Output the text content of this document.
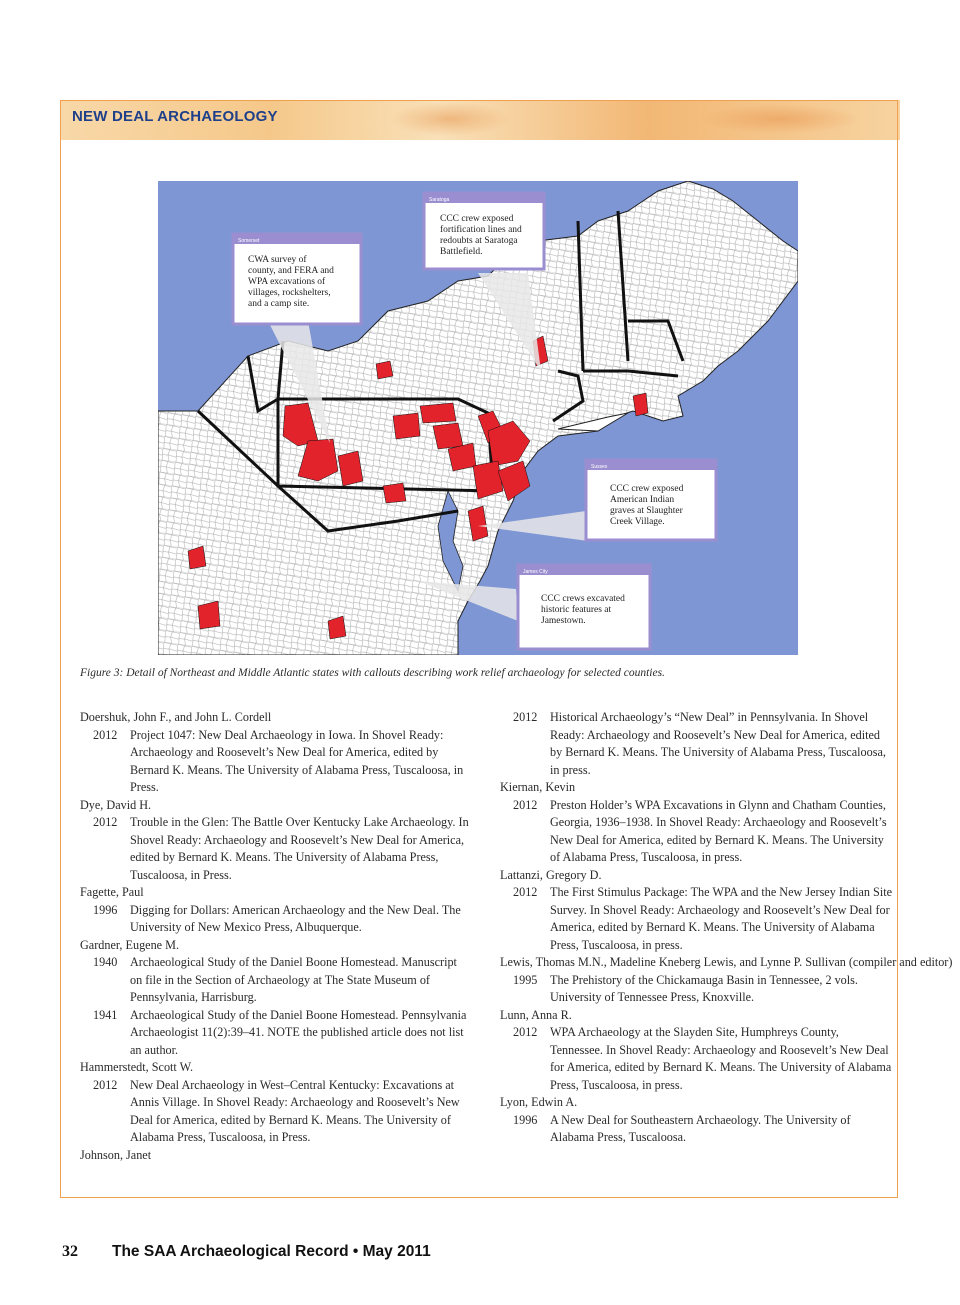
NEW DEAL ARCHAEOLOGY
Somerset
CWA survey of
county, and FERA and
WPA excavations of
villages, rockshelters,
and a camp site.
Saratoga
CCC crew exposed
fortification lines and
redoubts at Saratoga
Battlefield.
Sussex
CCC crew exposed
American Indian
graves at Slaughter
Creek Village.
James City
CCC crews excavated
historic features at
Jamestown.
Figure 3: Detail of Northeast and Middle Atlantic states with callouts describing work relief archaeology for selected counties.
Doershuk, John F., and John L. Cordell
2012 Project 1047: New Deal Archaeology in Iowa. In Shovel Ready: Archaeology and Roosevelt’s New Deal for America, edited by Bernard K. Means. The University of Alabama Press, Tuscaloosa, in Press.
Dye, David H.
2012 Trouble in the Glen: The Battle Over Kentucky Lake Archaeology. In Shovel Ready: Archaeology and Roosevelt’s New Deal for America, edited by Bernard K. Means. The University of Alabama Press, Tuscaloosa, in Press.
Fagette, Paul
1996 Digging for Dollars: American Archaeology and the New Deal. The University of New Mexico Press, Albuquerque.
Gardner, Eugene M.
1940 Archaeological Study of the Daniel Boone Homestead. Manuscript on file in the Section of Archaeology at The State Museum of Pennsylvania, Harrisburg.
1941 Archaeological Study of the Daniel Boone Homestead. Pennsylvania Archaeologist 11(2):39–41. NOTE the published article does not list an author.
Hammerstedt, Scott W.
2012 New Deal Archaeology in West–Central Kentucky: Excavations at Annis Village. In Shovel Ready: Archaeology and Roosevelt’s New Deal for America, edited by Bernard K. Means. The University of Alabama Press, Tuscaloosa, in Press.
Johnson, Janet
2012 Historical Archaeology’s “New Deal” in Pennsylvania. In Shovel Ready: Archaeology and Roosevelt’s New Deal for America, edited by Bernard K. Means. The University of Alabama Press, Tuscaloosa, in press.
Kiernan, Kevin
2012 Preston Holder’s WPA Excavations in Glynn and Chatham Counties, Georgia, 1936–1938. In Shovel Ready: Archaeology and Roosevelt’s New Deal for America, edited by Bernard K. Means. The University of Alabama Press, Tuscaloosa, in press.
Lattanzi, Gregory D.
2012 The First Stimulus Package: The WPA and the New Jersey Indian Site Survey. In Shovel Ready: Archaeology and Roosevelt’s New Deal for America, edited by Bernard K. Means. The University of Alabama Press, Tuscaloosa, in press.
Lewis, Thomas M.N., Madeline Kneberg Lewis, and Lynne P. Sullivan (compiler and editor)
1995 The Prehistory of the Chickamauga Basin in Tennessee, 2 vols. University of Tennessee Press, Knoxville.
Lunn, Anna R.
2012 WPA Archaeology at the Slayden Site, Humphreys County, Tennessee. In Shovel Ready: Archaeology and Roosevelt’s New Deal for America, edited by Bernard K. Means. The University of Alabama Press, Tuscaloosa, in press.
Lyon, Edwin A.
1996 A New Deal for Southeastern Archaeology. The University of Alabama Press, Tuscaloosa.
32 The SAA Archaeological Record • May 2011
